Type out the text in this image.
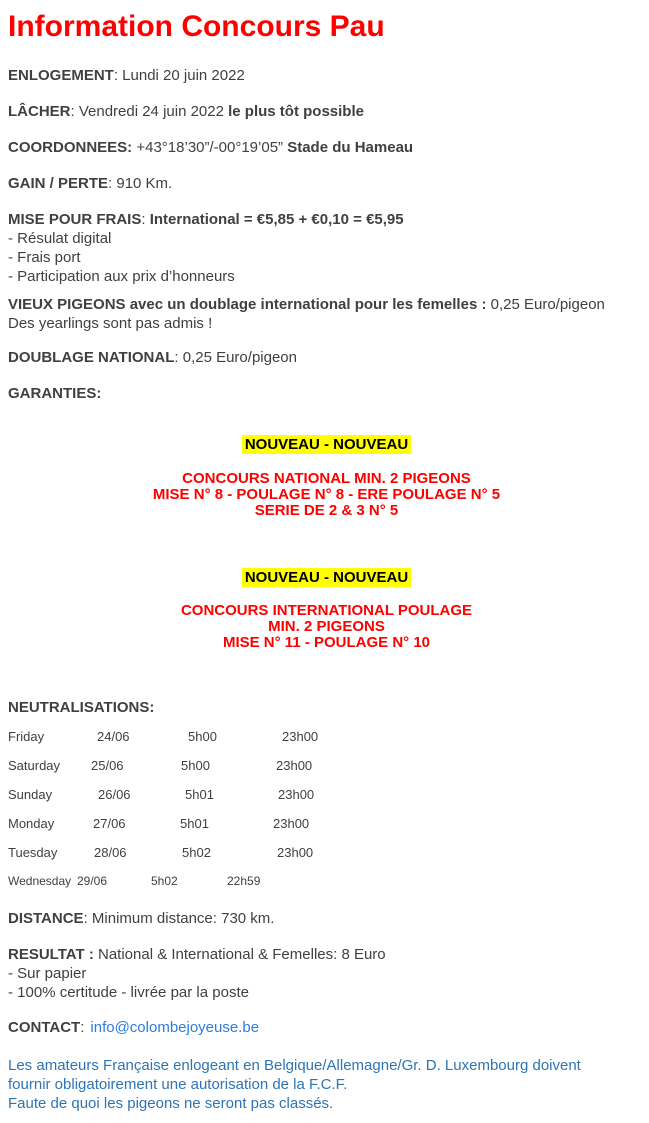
Information Concours Pau

ENLOGEMENT: Lundi 20 juin 2022

LÂCHER: Vendredi 24 juin 2022 le plus tôt possible

COORDONNEES: +43°18’30”/-00°19’05” Stade du Hameau

GAIN / PERTE: 910 Km.

MISE POUR FRAIS: International = €5,85 + €0,10 = €5,95
- Résulat digital
- Frais port
- Participation aux prix d’honneurs
VIEUX PIGEONS avec un doublage international pour les femelles : 0,25 Euro/pigeon
Des yearlings sont pas admis !

DOUBLAGE NATIONAL: 0,25 Euro/pigeon

GARANTIES:

NOUVEAU - NOUVEAU
CONCOURS NATIONAL MIN. 2 PIGEONS
MISE N° 8 - POULAGE N° 8 - ERE POULAGE N° 5
SERIE DE 2 & 3 N° 5
NOUVEAU - NOUVEAU
CONCOURS INTERNATIONAL POULAGE
MIN. 2 PIGEONS
MISE N° 11 - POULAGE N° 10
NEUTRALISATIONS:
Friday	24/06	5h00	23h00
Saturday 25/06	5h00	23h00
Sunday	26/06	5h01	23h00
Monday	27/06	5h01	23h00
Tuesday	28/06	5h02	23h00
Wednesday 29/06	5h02	22h59

DISTANCE: Minimum distance: 730 km.

RESULTAT : National & International & Femelles: 8 Euro
- Sur papier
- 100% certitude - livrée par la poste

CONTACT: info@colombejoyeuse.be

Les amateurs Française enlogeant en Belgique/Allemagne/Gr. D. Luxembourg doivent
fournir obligatoirement une autorisation de la F.C.F.
Faute de quoi les pigeons ne seront pas classés.
